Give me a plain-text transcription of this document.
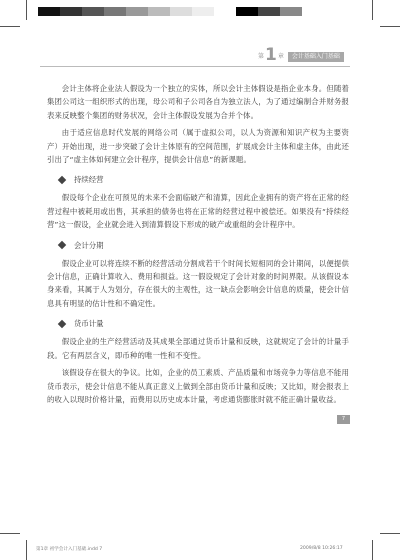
第 1 章	会计基础入门基础

会计主体将企业法人假设为一个独立的实体，所以会计主体假设是指企业本身。但随着集团公司这一组织形式的出现，母公司和子公司各自为独立法人，为了通过编制合并财务报表来反映整个集团的财务状况，会计主体假设发展为合并个体。

由于适应信息时代发展的网络公司（属于虚拟公司，以人为资源和知识产权为主要资产）开始出现，进一步突破了会计主体原有的空间范围，扩展成会计主体和虚主体，由此还引出了“虚主体如何建立会计程序，提供会计信息”的新课题。

持续经营

假设每个企业在可预见的未来不会面临破产和清算，因此企业拥有的资产将在正常的经营过程中被耗用或出售，其承担的债务也将在正常的经营过程中被偿还。如果没有“持续经营”这一假设，企业就会进入到清算假设下形成的破产或重组的会计程序中。

会计分期

假设企业可以将连续不断的经营活动分割成若干个时间长短相同的会计期间，以便提供会计信息，正确计算收入、费用和损益。这一假设规定了会计对象的时间界限。从该假设本身来看，其属于人为划分，存在很大的主观性，这一缺点会影响会计信息的质量，使会计信息具有明显的估计性和不确定性。

货币计量

假设企业的生产经营活动及其成果全部通过货币计量和反映，这就规定了会计的计量手段。它有两层含义，即币种的唯一性和不变性。

该假设存在很大的争议。比如，企业的员工素质、产品质量和市场竞争力等信息不能用货币表示，使会计信息不能从真正意义上做到全部由货币计量和反映；又比如，财会报表上的收入以现时价格计量，而费用以历史成本计量，考虑通货膨胀时就不能正确计量收益。

7
第1章 初学会计入门基础.indd 7	2009/8/8 10:26:17
